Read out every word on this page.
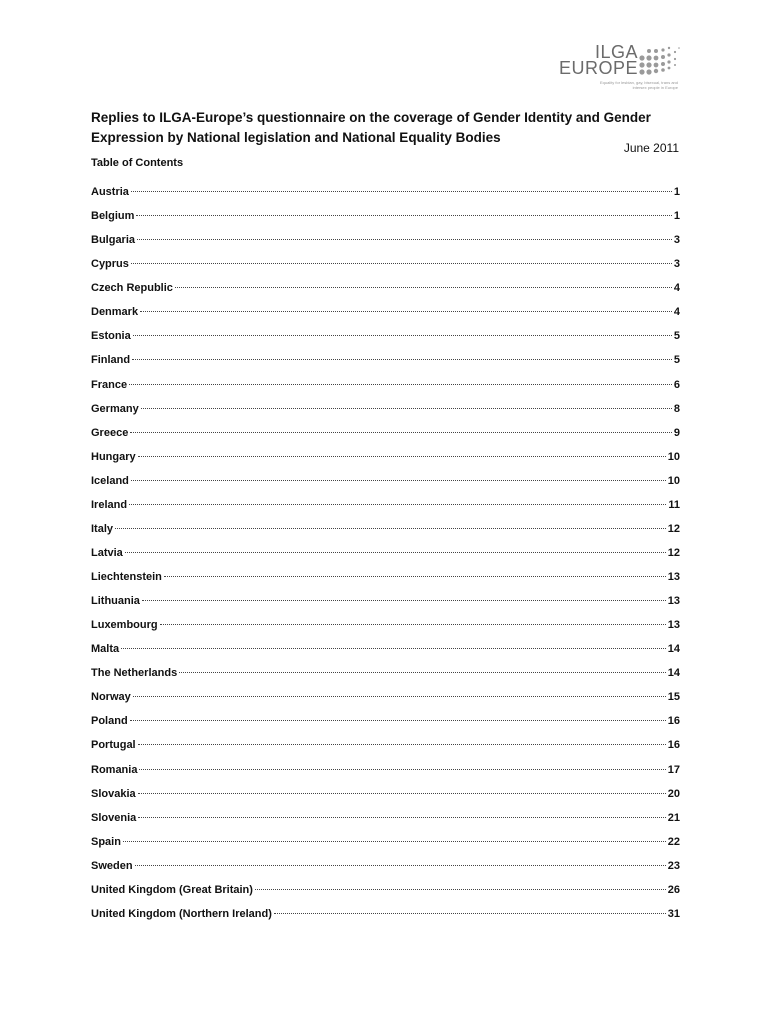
ILGA
EUROPE
Equality for lesbian, gay, bisexual, trans and intersex people in Europe
Replies to ILGA-Europe’s questionnaire on the coverage of Gender Identity and Gender Expression by National legislation and National Equality Bodies
June 2011
Table of Contents
Austria	1
Belgium	1
Bulgaria	3
Cyprus	3
Czech Republic	4
Denmark	4
Estonia	5
Finland	5
France	6
Germany	8
Greece	9
Hungary	10
Iceland	10
Ireland	11
Italy	12
Latvia	12
Liechtenstein	13
Lithuania	13
Luxembourg	13
Malta	14
The Netherlands	14
Norway	15
Poland	16
Portugal	16
Romania	17
Slovakia	20
Slovenia	21
Spain	22
Sweden	23
United Kingdom (Great Britain)	26
United Kingdom (Northern Ireland)	31
